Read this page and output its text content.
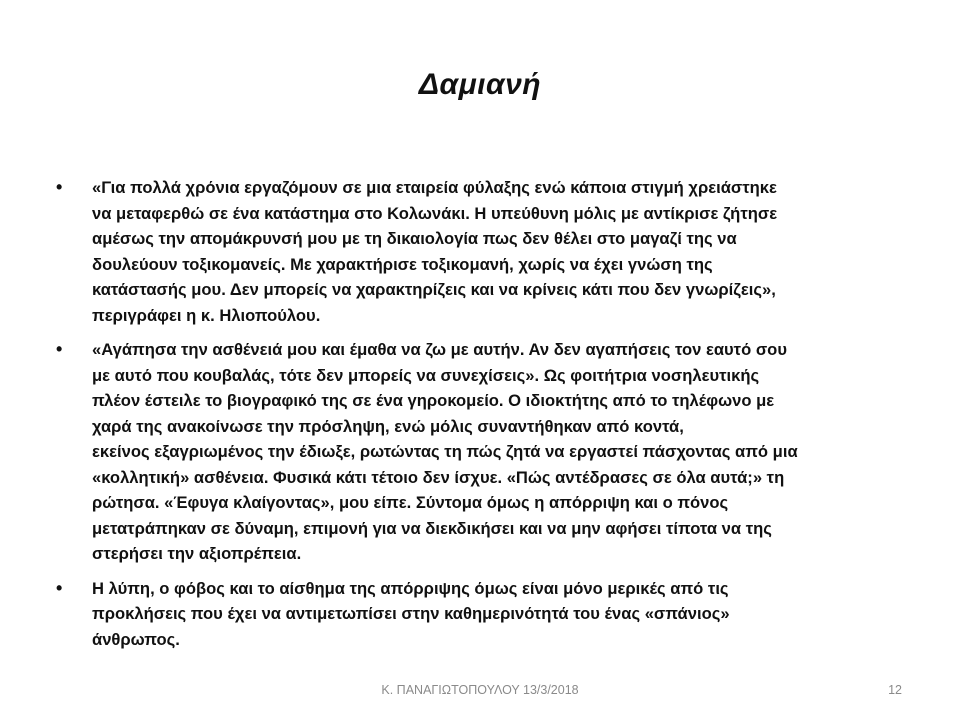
Δαμιανή
• «Για πολλά χρόνια εργαζόμουν σε μια εταιρεία φύλαξης ενώ κάποια στιγμή χρειάστηκε
να μεταφερθώ σε ένα κατάστημα στο Κολωνάκι. Η υπεύθυνη μόλις με αντίκρισε ζήτησε
αμέσως την απομάκρυνσή μου με τη δικαιολογία πως δεν θέλει στο μαγαζί της να
δουλεύουν τοξικομανείς. Με χαρακτήρισε τοξικομανή, χωρίς να έχει γνώση της
κατάστασής μου. Δεν μπορείς να χαρακτηρίζεις και να κρίνεις κάτι που δεν γνωρίζεις»,
περιγράφει η κ. Ηλιοπούλου.
• «Αγάπησα την ασθένειά μου και έμαθα να ζω με αυτήν. Αν δεν αγαπήσεις τον εαυτό σου
με αυτό που κουβαλάς, τότε δεν μπορείς να συνεχίσεις». Ως φοιτήτρια νοσηλευτικής
πλέον έστειλε το βιογραφικό της σε ένα γηροκομείο. Ο ιδιοκτήτης από το τηλέφωνο με
χαρά της ανακοίνωσε την πρόσληψη, ενώ μόλις συναντήθηκαν από κοντά,
εκείνος εξαγριωμένος την έδιωξε, ρωτώντας τη πώς ζητά να εργαστεί πάσχοντας από μια
«κολλητική» ασθένεια. Φυσικά κάτι τέτοιο δεν ίσχυε. «Πώς αντέδρασες σε όλα αυτά;» τη
ρώτησα. «Έφυγα κλαίγοντας», μου είπε. Σύντομα όμως η απόρριψη και ο πόνος
μετατράπηκαν σε δύναμη, επιμονή για να διεκδικήσει και να μην αφήσει τίποτα να της
στερήσει την αξιοπρέπεια.
• Η λύπη, ο φόβος και το αίσθημα της απόρριψης όμως είναι μόνο μερικές από τις
προκλήσεις που έχει να αντιμετωπίσει στην καθημερινότητά του ένας «σπάνιος»
άνθρωπος.
Κ. ΠΑΝΑΓΙΩΤΟΠΟΥΛΟΥ 13/3/2018	12
